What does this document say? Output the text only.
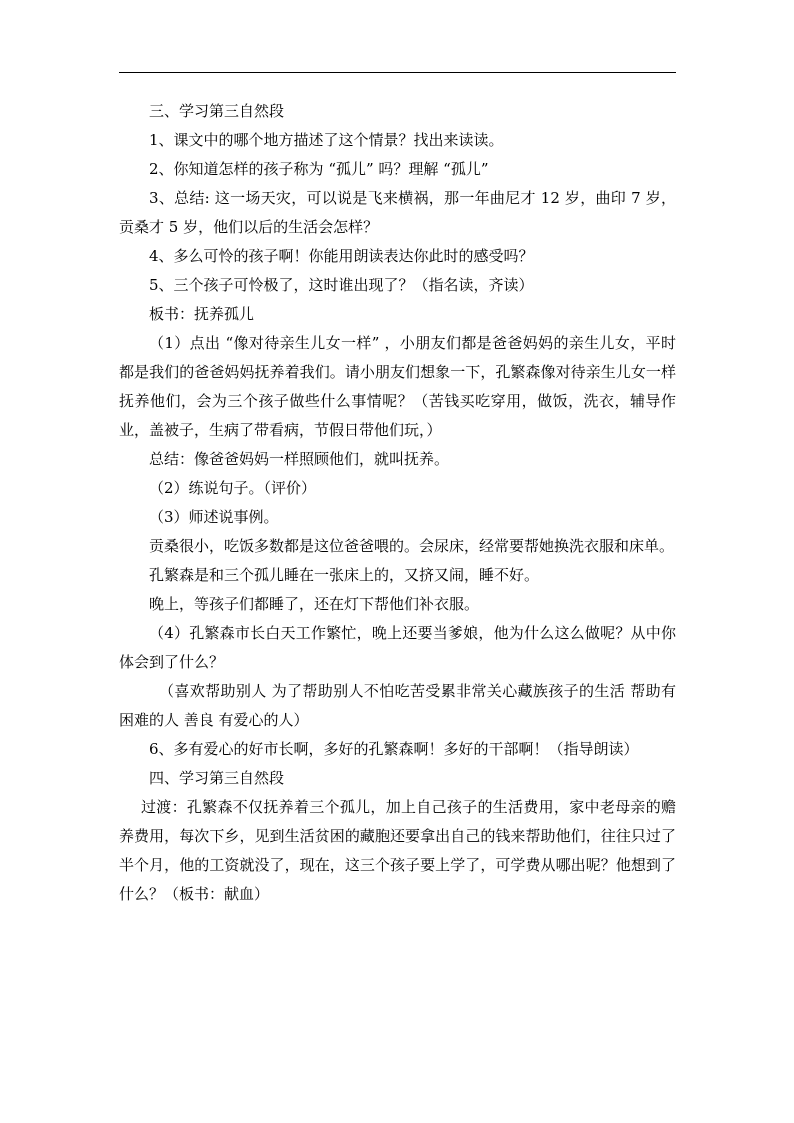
三、学习第三自然段

1、课文中的哪个地方描述了这个情景？找出来读读。

2、你知道怎样的孩子称为 “孤儿” 吗？理解 “孤儿”

3、总结: 这一场天灾，可以说是飞来横祸，那一年曲尼才 12 岁，曲印 7 岁，贡桑才 5 岁，他们以后的生活会怎样？

4、多么可怜的孩子啊！你能用朗读表达你此时的感受吗？

5、三个孩子可怜极了，这时谁出现了？（指名读，齐读）

板书：抚养孤儿

（1）点出 “像对待亲生儿女一样” ，小朋友们都是爸爸妈妈的亲生儿女，平时都是我们的爸爸妈妈抚养着我们。请小朋友们想象一下，孔繁森像对待亲生儿女一样抚养他们，会为三个孩子做些什么事情呢？（苦钱买吃穿用，做饭，洗衣，辅导作业，盖被子，生病了带看病，节假日带他们玩，）

总结：像爸爸妈妈一样照顾他们，就叫抚养。

（2）练说句子。（评价）

（3）师述说事例。

贡桑很小，吃饭多数都是这位爸爸喂的。会尿床，经常要帮她换洗衣服和床单。

孔繁森是和三个孤儿睡在一张床上的，又挤又闹，睡不好。

晚上，等孩子们都睡了，还在灯下帮他们补衣服。

（4）孔繁森市长白天工作繁忙，晚上还要当爹娘，他为什么这么做呢？从中你体会到了什么？

（喜欢帮助别人 为了帮助别人不怕吃苦受累非常关心藏族孩子的生活 帮助有困难的人 善良 有爱心的人）

6、多有爱心的好市长啊，多好的孔繁森啊！多好的干部啊！（指导朗读）

四、学习第三自然段

过渡：孔繁森不仅抚养着三个孤儿，加上自己孩子的生活费用，家中老母亲的赡养费用，每次下乡，见到生活贫困的藏胞还要拿出自己的钱来帮助他们，往往只过了半个月，他的工资就没了，现在，这三个孩子要上学了，可学费从哪出呢？他想到了什么？（板书：献血）
